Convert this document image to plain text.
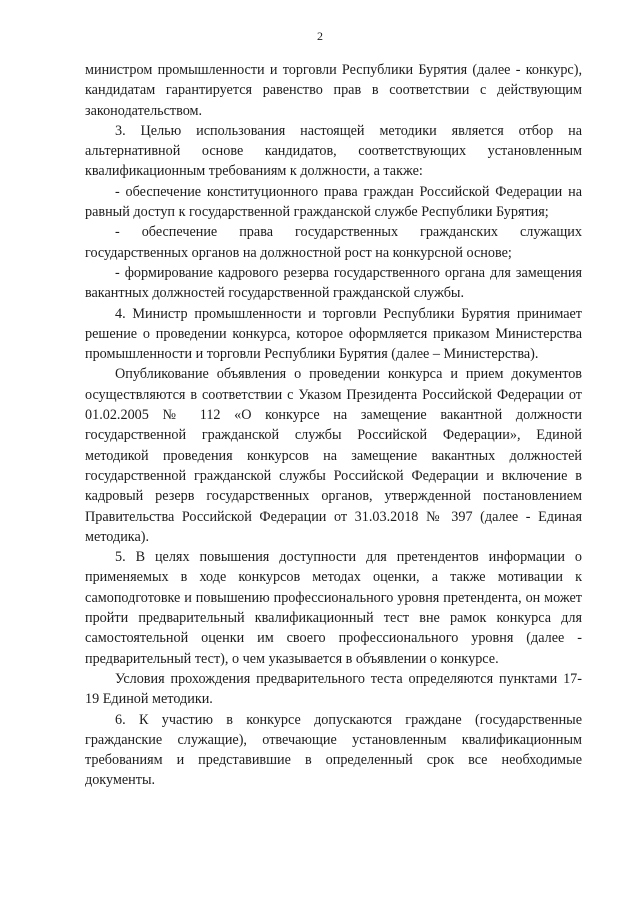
2

министром промышленности и торговли Республики Бурятия (далее - конкурс), кандидатам гарантируется равенство прав в соответствии с действующим законодательством.

3. Целью использования настоящей методики является отбор на альтернативной основе кандидатов, соответствующих установленным квалификационным требованиям к должности, а также:

- обеспечение конституционного права граждан Российской Федерации на равный доступ к государственной гражданской службе Республики Бурятия;

- обеспечение права государственных гражданских служащих государственных органов на должностной рост на конкурсной основе;

- формирование кадрового резерва государственного органа для замещения вакантных должностей государственной гражданской службы.

4. Министр промышленности и торговли Республики Бурятия принимает решение о проведении конкурса, которое оформляется приказом Министерства промышленности и торговли Республики Бурятия (далее – Министерства).

Опубликование объявления о проведении конкурса и прием документов осуществляются в соответствии с Указом Президента Российской Федерации от 01.02.2005 № 112 «О конкурсе на замещение вакантной должности государственной гражданской службы Российской Федерации», Единой методикой проведения конкурсов на замещение вакантных должностей государственной гражданской службы Российской Федерации и включение в кадровый резерв государственных органов, утвержденной постановлением Правительства Российской Федерации от 31.03.2018 № 397 (далее - Единая методика).

5. В целях повышения доступности для претендентов информации о применяемых в ходе конкурсов методах оценки, а также мотивации к самоподготовке и повышению профессионального уровня претендента, он может пройти предварительный квалификационный тест вне рамок конкурса для самостоятельной оценки им своего профессионального уровня (далее - предварительный тест), о чем указывается в объявлении о конкурсе.

Условия прохождения предварительного теста определяются пунктами 17-19 Единой методики.

6. К участию в конкурсе допускаются граждане (государственные гражданские служащие), отвечающие установленным квалификационным требованиям и представившие в определенный срок все необходимые документы.
